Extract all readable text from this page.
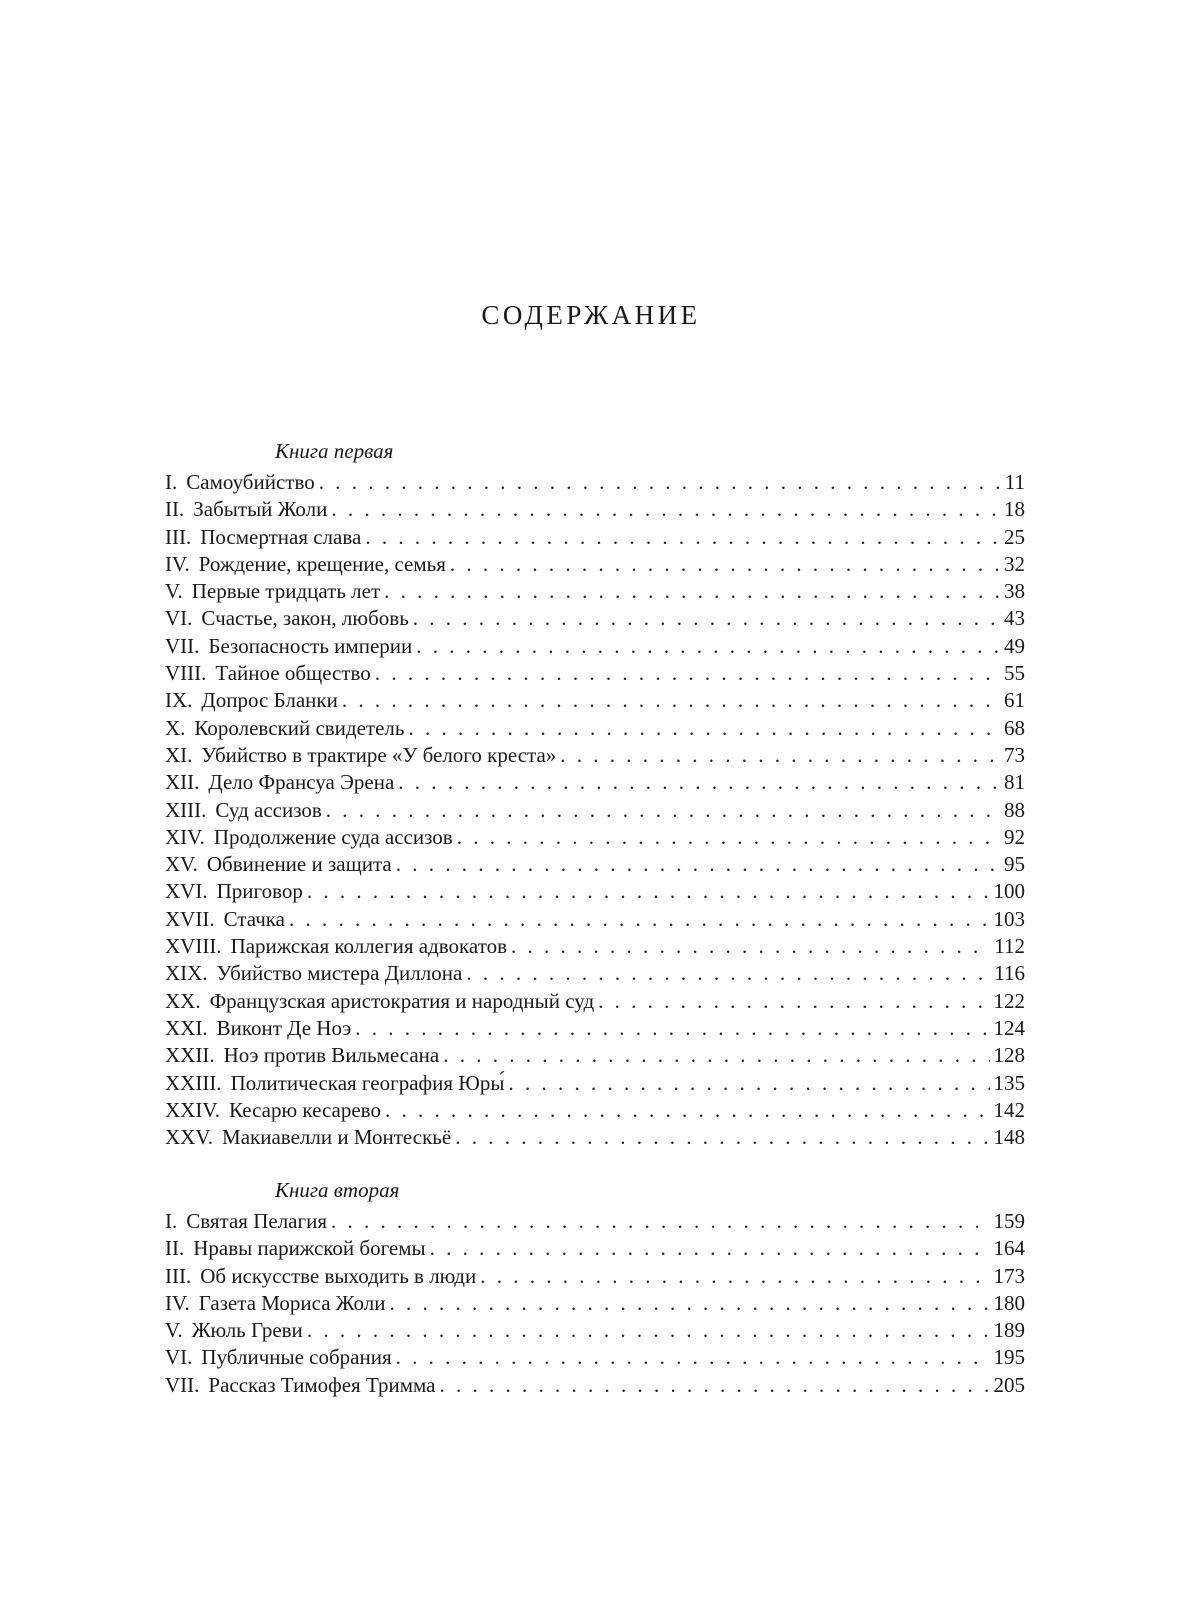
СОДЕРЖАНИЕ
Книга первая
I. Самоубийство . . .	11
II. Забытый Жоли . . .	18
III. Посмертная слава . . .	25
IV. Рождение, крещение, семья . . .	32
V. Первые тридцать лет . . .	38
VI. Счастье, закон, любовь . . .	43
VII. Безопасность империи . . .	49
VIII. Тайное общество . . .	55
IX. Допрос Бланки . . .	61
X. Королевский свидетель . . .	68
XI. Убийство в трактире «У белого креста» . . .	73
XII. Дело Франсуа Эрена . . .	81
XIII. Суд ассизов . . .	88
XIV. Продолжение суда ассизов . . .	92
XV. Обвинение и защита . . .	95
XVI. Приговор . . .	100
XVII. Стачка . . .	103
XVIII. Парижская коллегия адвокатов . . .	112
XIX. Убийство мистера Диллона . . .	116
XX. Французская аристократия и народный суд . . .	122
XXI. Виконт Де Ноэ . . .	124
XXII. Ноэ против Вильмесана . . .	128
XXIII. Политическая география Юры́ . . .	135
XXIV. Кесарю кесарево . . .	142
XXV. Макиавелли и Монтескьё . . .	148
Книга вторая
I. Святая Пелагия . . .	159
II. Нравы парижской богемы . . .	164
III. Об искусстве выходить в люди . . .	173
IV. Газета Мориса Жоли . . .	180
V. Жюль Греви . . .	189
VI. Публичные собрания . . .	195
VII. Рассказ Тимофея Тримма . . .	205
